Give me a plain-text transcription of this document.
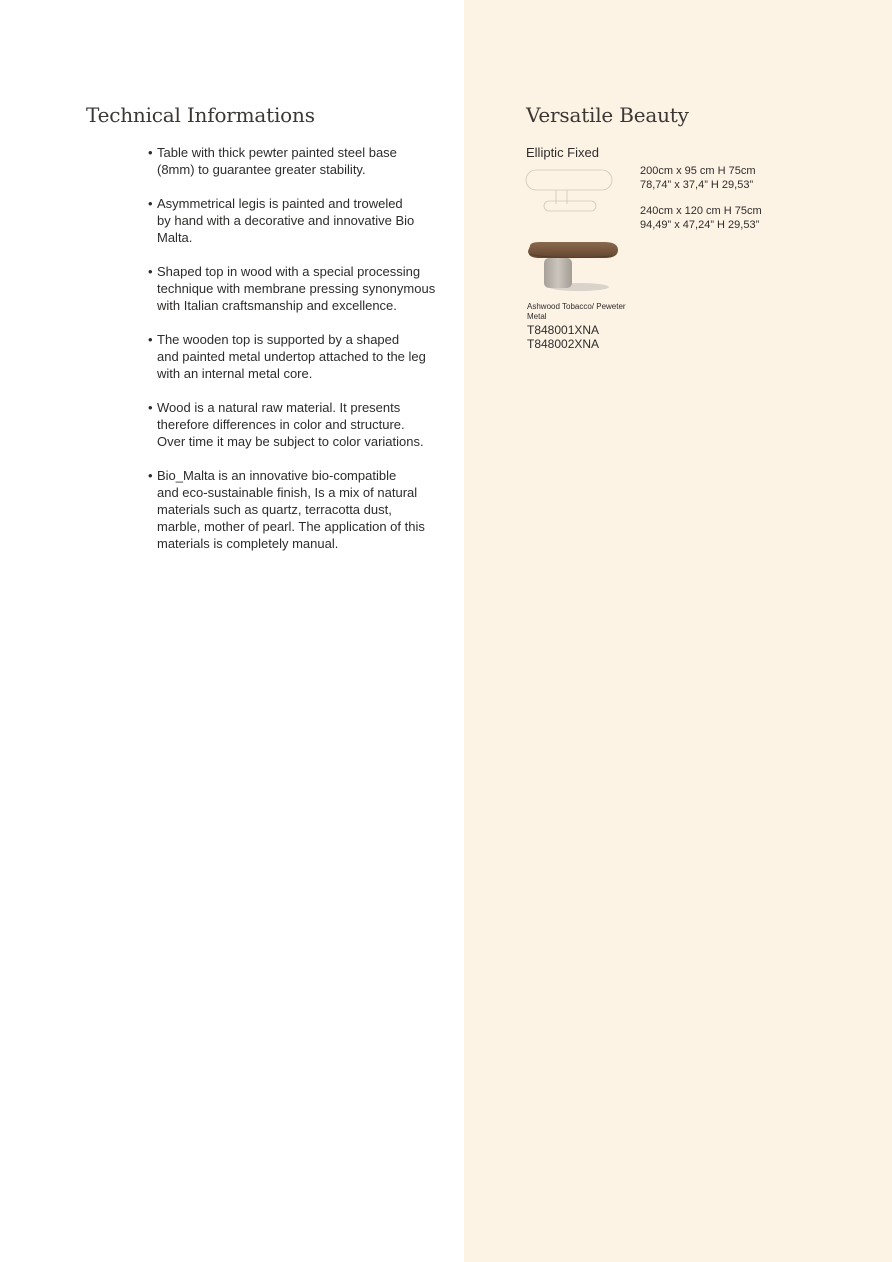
Technical Informations

• Table with thick pewter painted steel base
(8mm) to guarantee greater stability.

• Asymmetrical legis is painted and troweled
by hand with a decorative and innovative Bio
Malta.

• Shaped top in wood with a special processing
technique with membrane pressing synonymous
with Italian craftsmanship and excellence.

• The wooden top is supported by a shaped
and painted metal undertop attached to the leg
with an internal metal core.

• Wood is a natural raw material. It presents
therefore differences in color and structure.
Over time it may be subject to color variations.

• Bio_Malta is an innovative bio-compatible
and eco-sustainable finish, Is a mix of natural
materials such as quartz, terracotta dust,
marble, mother of pearl. The application of this
materials is completely manual.

Versatile Beauty
Elliptic Fixed
200cm x 95 cm H 75cm
78,74” x 37,4” H 29,53”
240cm x 120 cm H 75cm
94,49” x 47,24” H 29,53”
Ashwood Tobacco/ Peweter Metal
T848001XNA
T848002XNA
